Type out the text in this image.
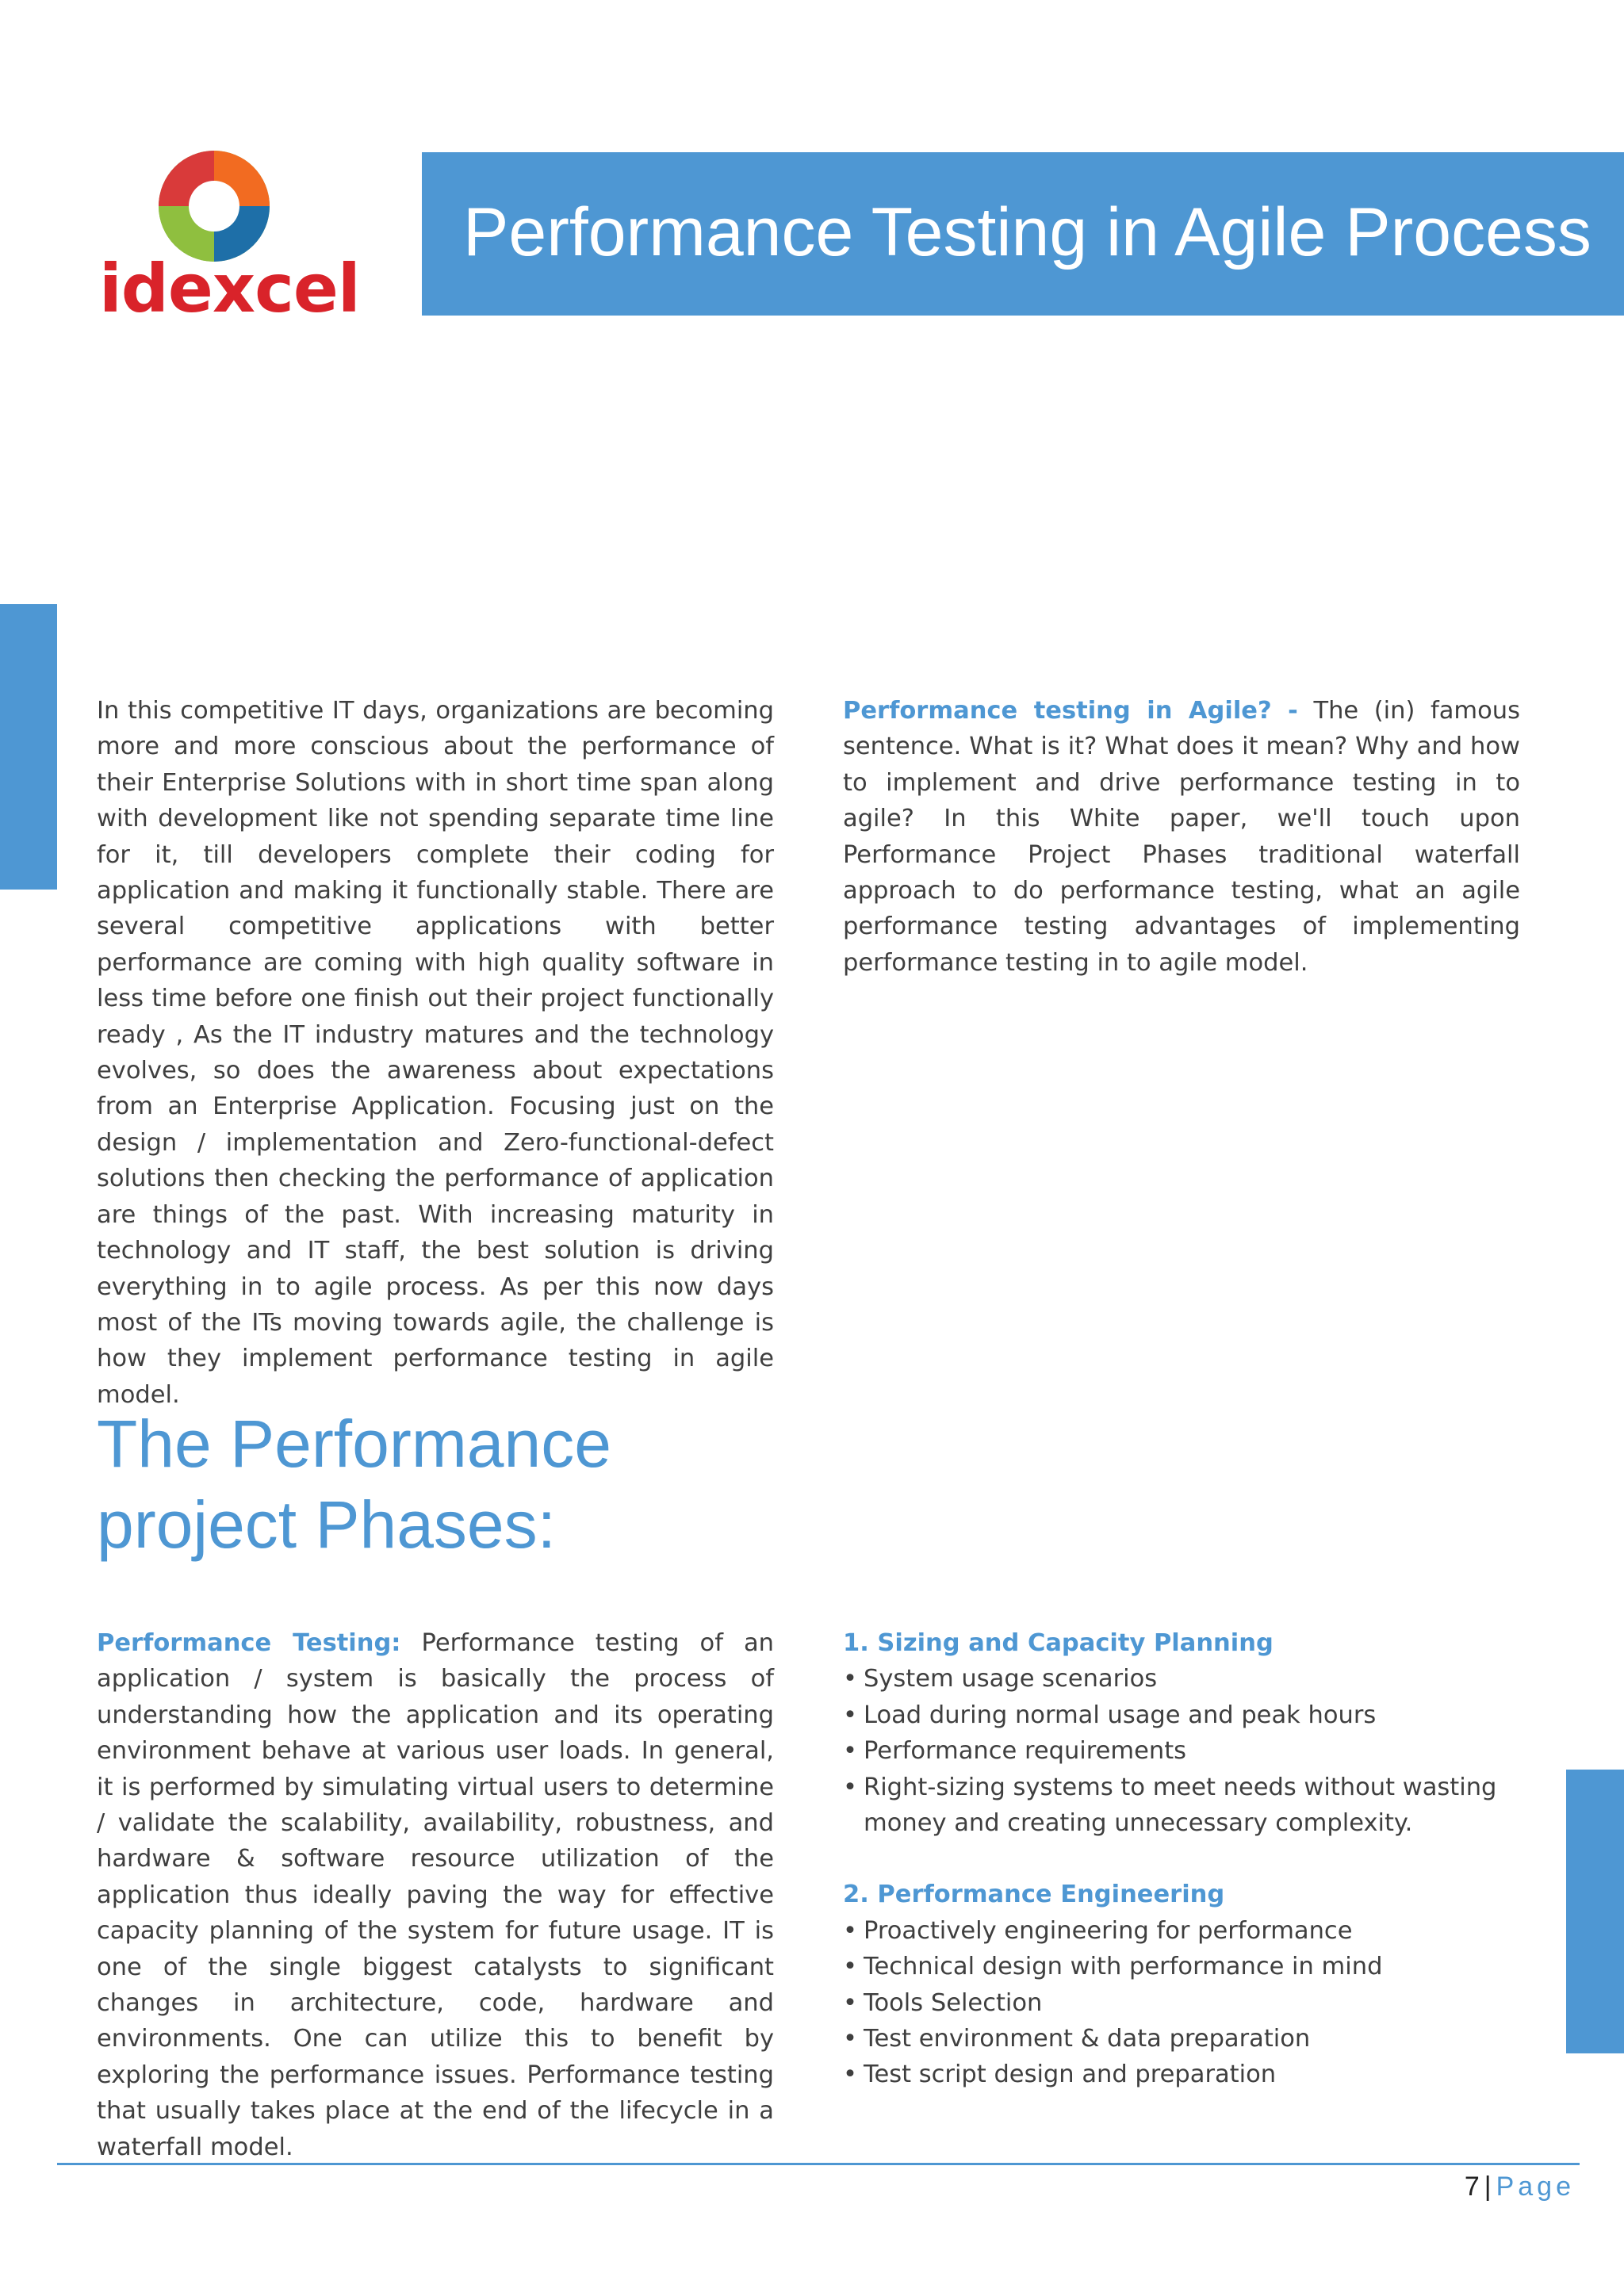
idexcel
Performance Testing in Agile Process
In this competitive IT days, organizations are becoming more and more conscious about the performance of their Enterprise Solutions with in short time span along with development like not spending separate time line for it, till developers complete their coding for application and making it functionally stable. There are several competitive applications with better performance are coming with high quality software in less time before one finish out their project functionally ready , As the IT industry matures and the technology evolves, so does the awareness about expectations from an Enterprise Application. Focusing just on the design / implementation and Zero-functional-defect solutions then checking the performance of application are things of the past. With increasing maturity in technology and IT staff, the best solution is driving everything in to agile process. As per this now days most of the ITs moving towards agile, the challenge is how they implement performance testing in agile model.
Performance testing in Agile? - The (in) famous sentence. What is it? What does it mean? Why and how to implement and drive performance testing in to agile? In this White paper, we'll touch upon Performance Project Phases traditional waterfall approach to do performance testing, what an agile performance testing advantages of implementing performance testing in to agile model.
The Performance
project Phases:
Performance Testing: Performance testing of an application / system is basically the process of understanding how the application and its operating environment behave at various user loads. In general, it is performed by simulating virtual users to determine / validate the scalability, availability, robustness, and hardware & software resource utilization of the application thus ideally paving the way for effective capacity planning of the system for future usage. IT is one of the single biggest catalysts to significant changes in architecture, code, hardware and environments. One can utilize this to benefit by exploring the performance issues. Performance testing that usually takes place at the end of the lifecycle in a waterfall model.
1. Sizing and Capacity Planning
• System usage scenarios
• Load during normal usage and peak hours
• Performance requirements
• Right-sizing systems to meet needs without wasting money and creating unnecessary complexity.
2. Performance Engineering
• Proactively engineering for performance
• Technical design with performance in mind
• Tools Selection
• Test environment & data preparation
• Test script design and preparation
7 | Page
